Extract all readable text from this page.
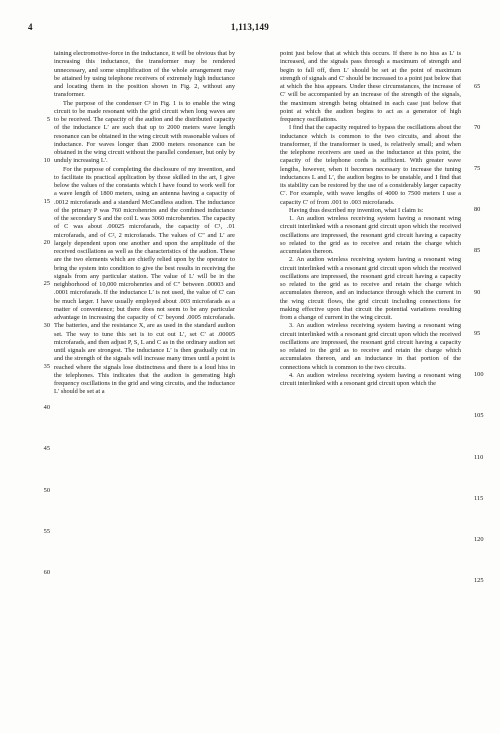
4	1,113,149
5
10
15
20
25
30
35
40
45
50
55
60

taining electromotive-force in the inductance, it will be obvious that by increasing this inductance, the transformer may be rendered unnecessary, and some simplification of the whole arrangement may be attained by using telephone receivers of extremely high inductance and locating them in the position shown in Fig. 2, without any transformer.

The purpose of the condenser C³ in Fig. 1 is to enable the wing circuit to be made resonant with the grid circuit when long waves are to be received. The capacity of the audion and the distributed capacity of the inductance L′ are such that up to 2000 meters wave length resonance can be obtained in the wing circuit with reasonable values of inductance. For waves longer than 2000 meters resonance can be obtained in the wing circuit without the parallel condenser, but only by unduly increasing L′.

For the purpose of completing the disclosure of my invention, and to facilitate its practical application by those skilled in the art, I give below the values of the constants which I have found to work well for a wave length of 1800 meters, using an antenna having a capacity of .0012 microfarads and a standard McCandless audion. The inductance of the primary P was 760 microhenries and the combined inductance of the secondary S and the coil L was 3060 microhenries. The capacity of C was about .00025 microfarads, the capacity of C¹, .01 microfarads, and of C², 2 microfarads. The values of C″ and L′ are largely dependent upon one another and upon the amplitude of the received oscillations as well as the characteristics of the audion. These are the two elements which are chiefly relied upon by the operator to bring the system into condition to give the best results in receiving the signals from any particular station. The value of L′ will be in the neighborhood of 10,000 microhenries and of C″ between .00003 and .0001 microfarads. If the inductance L′ is not used, the value of C′ can be much larger. I have usually employed about .003 microfarads as a matter of convenience; but there does not seem to be any particular advantage in increasing the capacity of C′ beyond .0005 microfarads. The batteries, and the resistance X, are as used in the standard audion set. The way to tune this set is to cut out L′, set C′ at .00005 microfarads, and then adjust P, S, L and C as in the ordinary audion set until signals are strongest. The inductance L′ is then gradually cut in and the strength of the signals will increase many times until a point is reached where the signals lose distinctness and there is a loud hiss in the telephones. This indicates that the audion is generating high frequency oscillations in the grid and wing circuits, and the inductance L′ should be set at a

point just below that at which this occurs. If there is no hiss as L′ is increased, and the signals pass through a maximum of strength and begin to fall off, then L′ should be set at the point of maximum strength of signals and C′ should be increased to a point just below that at which the hiss appears. Under these circumstances, the increase of C′ will be accompanied by an increase of the strength of the signals, the maximum strength being obtained in each case just below that point at which the audion begins to act as a generator of high frequency oscillations.

I find that the capacity required to bypass the oscillations about the inductance which is common to the two circuits, and about the transformer, if the transformer is used, is relatively small; and when the telephone receivers are used as the inductance at this point, the capacity of the telephone cords is sufficient. With greater wave lengths, however, when it becomes necessary to increase the tuning inductances L and L′, the audion begins to be unstable, and I find that its stability can be restored by the use of a considerably larger capacity C′. For example, with wave lengths of 4000 to 7500 meters I use a capacity C′ of from .001 to .003 microfarads.

Having thus described my invention, what I claim is:

1. An audion wireless receiving system having a resonant wing circuit interlinked with a resonant grid circuit upon which the received oscillations are impressed, the resonant grid circuit having a capacity so related to the grid as to receive and retain the charge which accumulates thereon.

2. An audion wireless receiving system having a resonant wing circuit interlinked with a resonant grid circuit upon which the received oscillations are impressed, the resonant grid circuit having a capacity so related to the grid as to receive and retain the charge which accumulates thereon, and an inductance through which the current in the wing circuit flows, the grid circuit including connections for making effective upon that circuit the potential variations resulting from a change of current in the wing circuit.

3. An audion wireless receiving system having a resonant wing circuit interlinked with a resonant grid circuit upon which the received oscillations are impressed, the resonant grid circuit having a capacity so related to the grid as to receive and retain the charge which accumulates thereon, and an inductance in that portion of the connections which is common to the two circuits.

4. An audion wireless receiving system having a resonant wing circuit interlinked with a resonant grid circuit upon which the

65
70
75
80
85
90
95
100
105
110
115
120
125
